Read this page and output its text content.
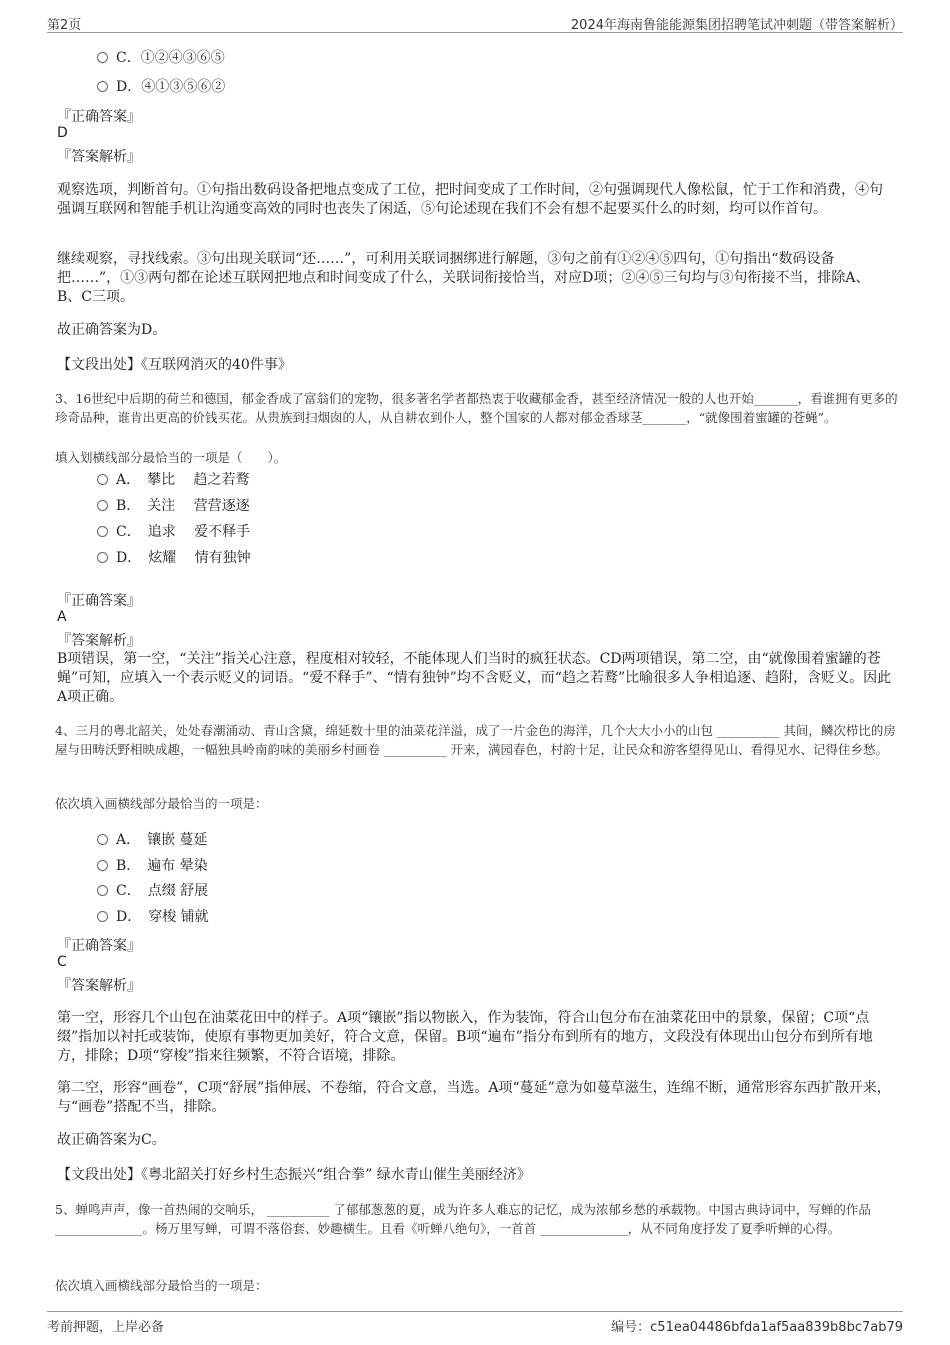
第2页	2024年海南鲁能能源集团招聘笔试冲刺题（带答案解析）
C．①②④③⑥⑤
D．④①③⑤⑥②
『正确答案』
D
『答案解析』
观察选项，判断首句。①句指出数码设备把地点变成了工位，把时间变成了工作时间，②句强调现代人像松鼠，忙于工作和消费，④句强调互联网和智能手机让沟通变高效的同时也丧失了闲适，⑤句论述现在我们不会有想不起要买什么的时刻，均可以作首句。
继续观察，寻找线索。③句出现关联词“还……”，可利用关联词捆绑进行解题，③句之前有①②④⑤四句，①句指出“数码设备把……”，①③两句都在论述互联网把地点和时间变成了什么，关联词衔接恰当，对应D项；②④⑤三句均与③句衔接不当，排除A、B、C三项。
故正确答案为D。
【文段出处】《互联网消灭的40件事》
3、16世纪中后期的荷兰和德国，郁金香成了富翁们的宠物，很多著名学者都热衷于收藏郁金香，甚至经济情况一般的人也开始_______，看谁拥有更多的珍奇品种，谁肯出更高的价钱买花。从贵族到扫烟囱的人，从自耕农到仆人，整个国家的人都对郁金香球茎_______，“就像围着蜜罐的苍蝇”。
填入划横线部分最恰当的一项是（　　）。
A．　攀比　 趋之若鹜
B．　关注　 营营逐逐
C．　追求　 爱不释手
D．　炫耀　 情有独钟
『正确答案』
A
『答案解析』
B项错误，第一空，“关注”指关心注意，程度相对较轻，不能体现人们当时的疯狂状态。CD两项错误，第二空，由“就像围着蜜罐的苍蝇”可知，应填入一个表示贬义的词语。“爱不释手”、“情有独钟”均不含贬义，而“趋之若鹜”比喻很多人争相追逐、趋附，含贬义。因此A项正确。
4、三月的粤北韶关，处处春潮涌动、青山含黛，绵延数十里的油菜花洋溢，成了一片金色的海洋，几个大大小小的山包 __________ 其间，鳞次栉比的房屋与田畴沃野相映成趣，一幅独具岭南韵味的美丽乡村画卷 __________ 开来，满园春色，村韵十足，让民众和游客望得见山、看得见水、记得住乡愁。
依次填入画横线部分最恰当的一项是：
A．　镶嵌 蔓延
B．　遍布 晕染
C．　点缀 舒展
D．　穿梭 铺就
『正确答案』
C
『答案解析』
第一空，形容几个山包在油菜花田中的样子。A项“镶嵌”指以物嵌入，作为装饰，符合山包分布在油菜花田中的景象，保留；C项“点缀”指加以衬托或装饰，使原有事物更加美好，符合文意，保留。B项“遍布”指分布到所有的地方，文段没有体现出山包分布到所有地方，排除；D项“穿梭”指来往频繁，不符合语境，排除。
第二空，形容“画卷”，C项“舒展”指伸展、不卷缩，符合文意，当选。A项“蔓延”意为如蔓草滋生，连绵不断，通常形容东西扩散开来，与“画卷”搭配不当，排除。
故正确答案为C。
【文段出处】《粤北韶关打好乡村生态振兴“组合拳” 绿水青山催生美丽经济》
5、蝉鸣声声，像一首热闹的交响乐， __________ 了郁郁葱葱的夏，成为许多人难忘的记忆，成为浓郁乡愁的承载物。中国古典诗词中，写蝉的作品 ______________。杨万里写蝉，可谓不落俗套、妙趣横生。且看《听蝉八绝句》，一首首 ______________，从不同角度抒发了夏季听蝉的心得。
依次填入画横线部分最恰当的一项是：
考前押题，上岸必备	编号：c51ea04486bfda1af5aa839b8bc7ab79
